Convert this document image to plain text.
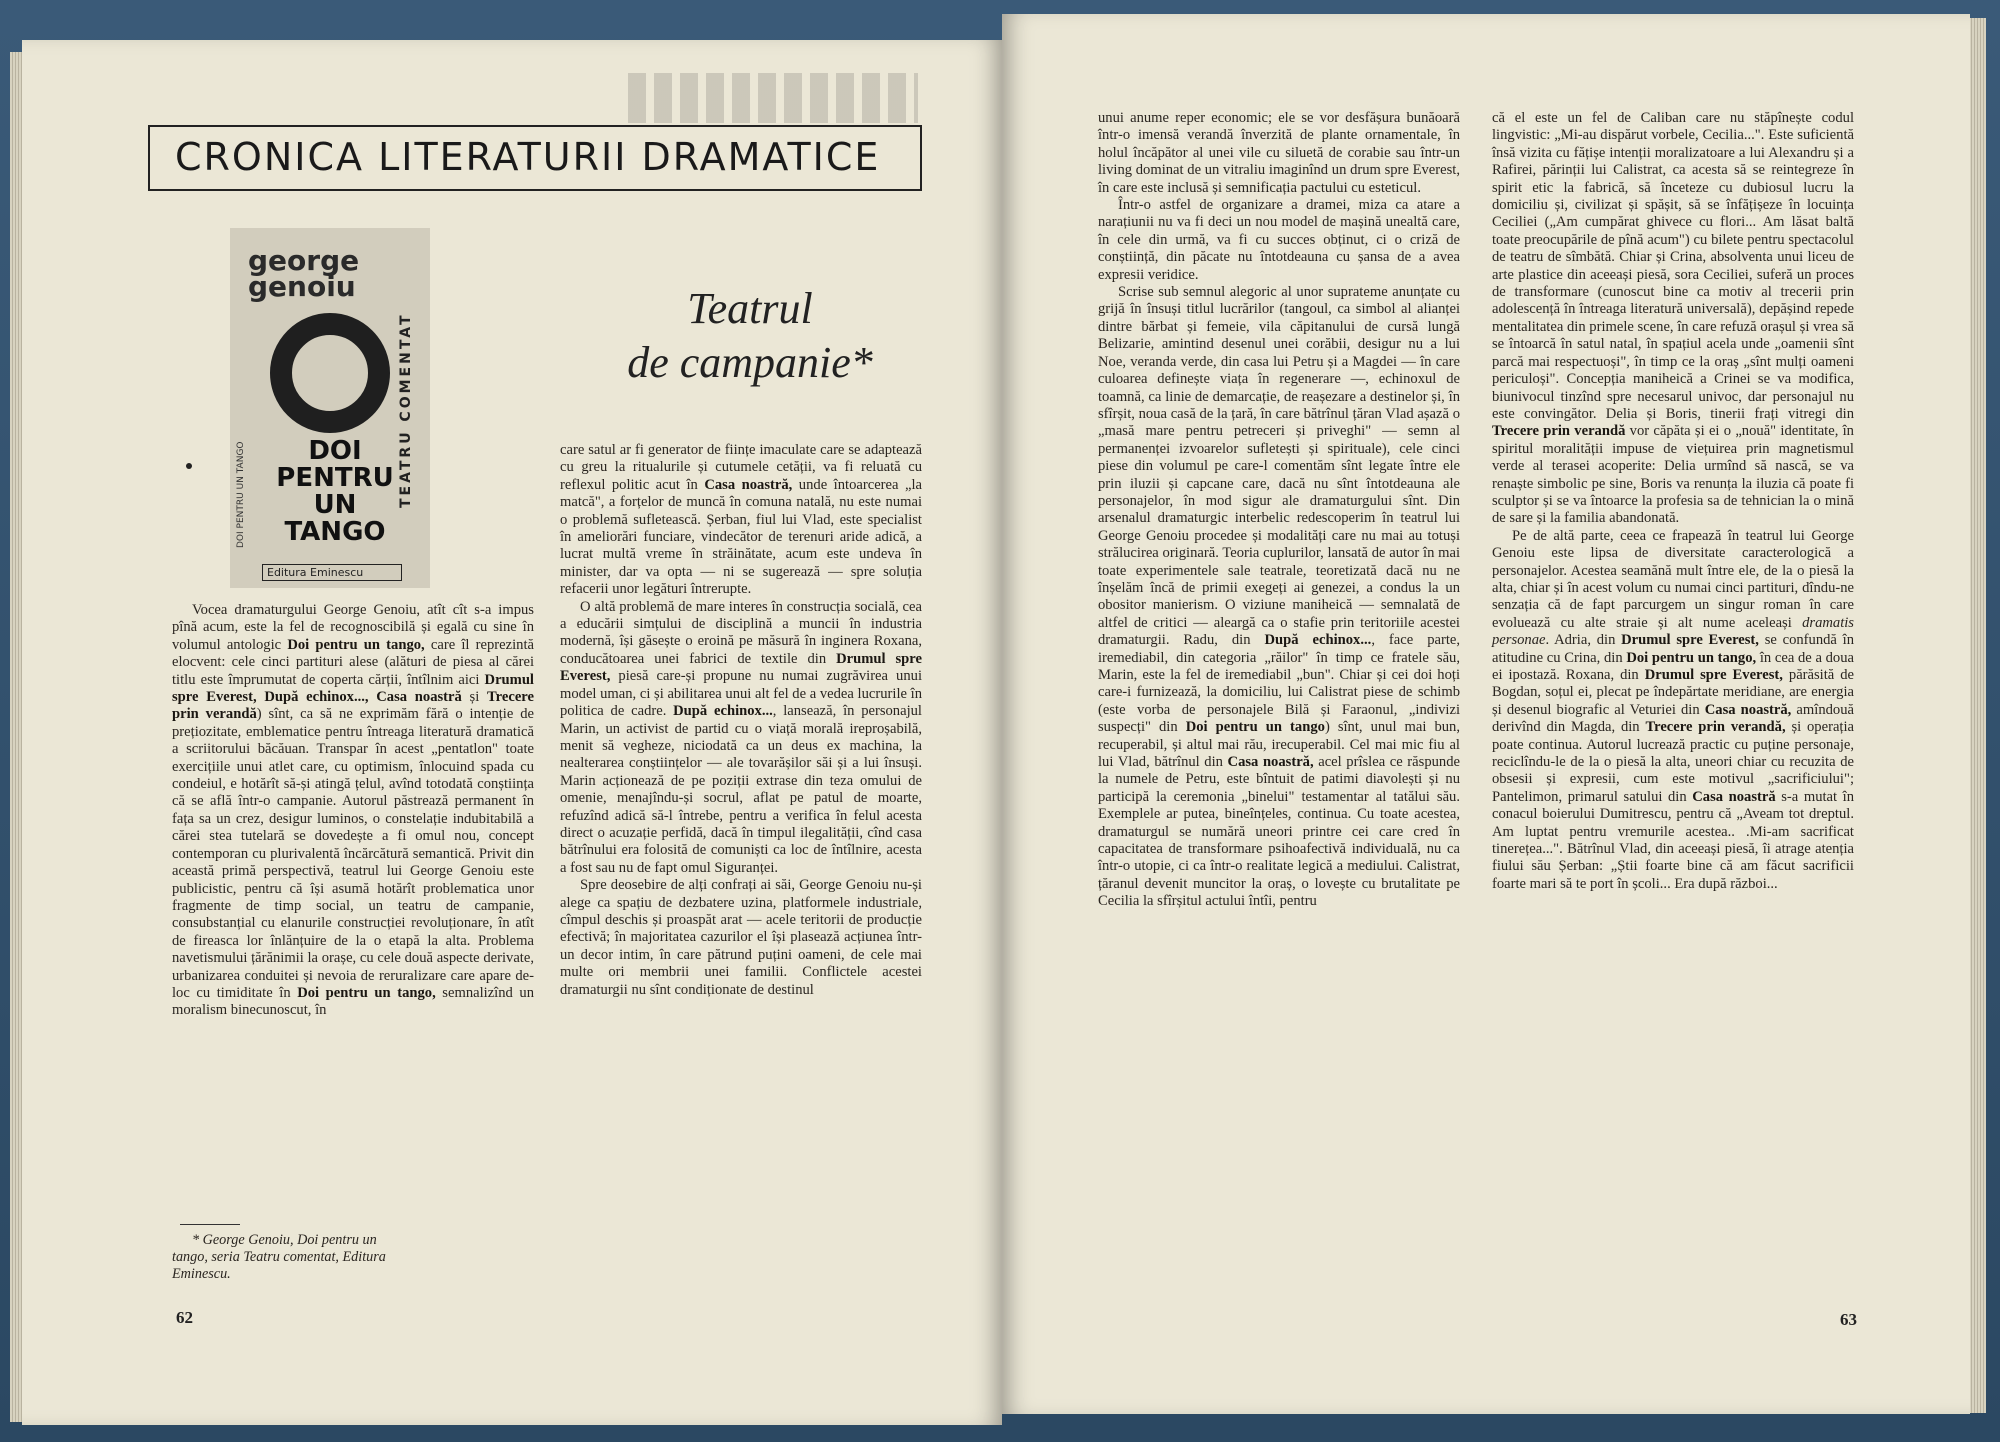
CRONICA LITERATURII DRAMATICE
DOI PENTRU UN TANGO
george genoiu
TEATRU COMENTAT
DOI
PENTRU
UN
TANGO
Editura Eminescu
Teatrul
de campanie*

Vocea dramaturgului George Genoiu, atît cît s-a impus pînă acum, este la fel de recognoscibilă și egală cu sine în volumul antologic Doi pentru un tango, care îl reprezintă elocvent: cele cinci partituri alese (alături de piesa al cărei titlu este împrumutat de coperta cărții, întîlnim aici Drumul spre Everest, După echinox..., Casa noastră și Trecere prin verandă) sînt, ca să ne exprimăm fără o intenție de prețiozitate, emblematice pentru întreaga literatură dramatică a scriitorului băcăuan. Transpar în acest „pentatlon" toate exercițiile unui atlet care, cu optimism, înlocuind spada cu condeiul, e hotărît să-și atingă țelul, avînd totodată conștiința că se află într-o campanie. Autorul păstrează permanent în fața sa un crez, desigur luminos, o constelație indubitabilă a cărei stea tutelară se dovedește a fi omul nou, concept contemporan cu plurivalentă încărcătură semantică. Privit din această primă perspectivă, teatrul lui George Genoiu este publicistic, pentru că își asumă hotărît problematica unor fragmente de timp social, un teatru de campanie, consubstanțial cu elanurile construcției revoluționare, în atît de fireasca lor înlănțuire de la o etapă la alta. Problema navetismului țărănimii la orașe, cu cele două aspecte derivate, urbanizarea conduitei și nevoia de reruralizare care apare de-loc cu timiditate în Doi pentru un tango, semnalizînd un moralism binecunoscut, în

* George Genoiu, Doi pentru un

tango, seria Teatru comentat, Editura

Eminescu.

care satul ar fi generator de ființe imaculate care se adaptează cu greu la ritualurile și cutumele cetății, va fi reluată cu reflexul politic acut în Casa noastră, unde întoarcerea „la matcă", a forțelor de muncă în comuna natală, nu este numai o problemă sufletească. Șerban, fiul lui Vlad, este specialist în ameliorări funciare, vindecător de terenuri aride adică, a lucrat multă vreme în străinătate, acum este undeva în minister, dar va opta — ni se sugerează — spre soluția refacerii unor legături întrerupte.

O altă problemă de mare interes în construcția socială, cea a educării simțului de disciplină a muncii în industria modernă, își găsește o eroină pe măsură în inginera Roxana, conducătoarea unei fabrici de textile din Drumul spre Everest, piesă care-și propune nu numai zugrăvirea unui model uman, ci și abilitarea unui alt fel de a vedea lucrurile în politica de cadre. După echinox..., lansează, în personajul Marin, un activist de partid cu o viață morală ireproșabilă, menit să vegheze, niciodată ca un deus ex machina, la nealterarea conștiințelor — ale tovarășilor săi și a lui însuși. Marin acționează de pe poziții extrase din teza omului de omenie, menajîndu-și socrul, aflat pe patul de moarte, refuzînd adică să-l întrebe, pentru a verifica în felul acesta direct o acuzație perfidă, dacă în timpul ilegalității, cînd casa bătrînului era folosită de comuniști ca loc de întîlnire, acesta a fost sau nu de fapt omul Siguranței.

Spre deosebire de alți confrați ai săi, George Genoiu nu-și alege ca spațiu de dezbatere uzina, platformele industriale, cîmpul deschis și proaspăt arat — acele teritorii de producție efectivă; în majoritatea cazurilor el își plasează acțiunea într-un decor intim, în care pătrund puțini oameni, de cele mai multe ori membrii unei familii. Conflictele acestei dramaturgii nu sînt condiționate de destinul

62

unui anume reper economic; ele se vor desfășura bunăoară într-o imensă verandă înverzită de plante ornamentale, în holul încăpător al unei vile cu siluetă de corabie sau într-un living dominat de un vitraliu imaginînd un drum spre Everest, în care este inclusă și semnificația pactului cu esteticul.

Într-o astfel de organizare a dramei, miza ca atare a narațiunii nu va fi deci un nou model de mașină unealtă care, în cele din urmă, va fi cu succes obținut, ci o criză de conștiință, din păcate nu întotdeauna cu șansa de a avea expresii veridice.

Scrise sub semnul alegoric al unor suprateme anunțate cu grijă în însuși titlul lucrărilor (tangoul, ca simbol al alianței dintre bărbat și femeie, vila căpitanului de cursă lungă Belizarie, amintind desenul unei corăbii, desigur nu a lui Noe, veranda verde, din casa lui Petru și a Magdei — în care culoarea definește viața în regenerare —, echinoxul de toamnă, ca linie de demarcație, de reașezare a destinelor și, în sfîrșit, noua casă de la țară, în care bătrînul țăran Vlad așază o „masă mare pentru petreceri și priveghi" — semn al permanenței izvoarelor sufletești și spirituale), cele cinci piese din volumul pe care-l comentăm sînt legate între ele prin iluzii și capcane care, dacă nu sînt întotdeauna ale personajelor, în mod sigur ale dramaturgului sînt. Din arsenalul dramaturgic interbelic redescoperim în teatrul lui George Genoiu procedee și modalități care nu mai au totuși strălucirea originară. Teoria cuplurilor, lansată de autor în mai toate experimentele sale teatrale, teoretizată dacă nu ne înșelăm încă de primii exegeți ai genezei, a condus la un obositor manierism. O viziune maniheică — semnalată de altfel de critici — aleargă ca o stafie prin teritoriile acestei dramaturgii. Radu, din După echinox..., face parte, iremediabil, din categoria „răilor" în timp ce fratele său, Marin, este la fel de iremediabil „bun". Chiar și cei doi hoți care-i furnizează, la domiciliu, lui Calistrat piese de schimb (este vorba de personajele Bilă și Faraonul, „indivizi suspecți" din Doi pentru un tango) sînt, unul mai bun, recuperabil, și altul mai rău, irecuperabil. Cel mai mic fiu al lui Vlad, bătrînul din Casa noastră, acel prîslea ce răspunde la numele de Petru, este bîntuit de patimi diavolești și nu participă la ceremonia „binelui" testamentar al tatălui său. Exemplele ar putea, bineînțeles, continua. Cu toate acestea, dramaturgul se numără uneori printre cei care cred în capacitatea de transformare psihoafectivă individuală, nu ca într-o utopie, ci ca într-o realitate legică a mediului. Calistrat, țăranul devenit muncitor la oraș, o lovește cu brutalitate pe Cecilia la sfîrșitul actului întîi, pentru

că el este un fel de Caliban care nu stăpînește codul lingvistic: „Mi-au dispărut vorbele, Cecilia...". Este suficientă însă vizita cu fățișe intenții moralizatoare a lui Alexandru și a Rafirei, părinții lui Calistrat, ca acesta să se reintegreze în spirit etic la fabrică, să înceteze cu dubiosul lucru la domiciliu și, civilizat și spășit, să se înfățișeze în locuința Ceciliei („Am cumpărat ghivece cu flori... Am lăsat baltă toate preocupările de pînă acum") cu bilete pentru spectacolul de teatru de sîmbătă. Chiar și Crina, absolventa unui liceu de arte plastice din aceeași piesă, sora Ceciliei, suferă un proces de transformare (cunoscut bine ca motiv al trecerii prin adolescență în întreaga literatură universală), depășind repede mentalitatea din primele scene, în care refuză orașul și vrea să se întoarcă în satul natal, în spațiul acela unde „oamenii sînt parcă mai respectuoși", în timp ce la oraș „sînt mulți oameni periculoși". Concepția maniheică a Crinei se va modifica, biunivocul tinzînd spre necesarul univoc, dar personajul nu este convingător. Delia și Boris, tinerii frați vitregi din Trecere prin verandă vor căpăta și ei o „nouă" identitate, în spiritul moralității impuse de viețuirea prin magnetismul verde al terasei acoperite: Delia urmînd să nască, se va renaște simbolic pe sine, Boris va renunța la iluzia că poate fi sculptor și se va întoarce la profesia sa de tehnician la o mină de sare și la familia abandonată.

Pe de altă parte, ceea ce frapează în teatrul lui George Genoiu este lipsa de diversitate caracterologică a personajelor. Acestea seamănă mult între ele, de la o piesă la alta, chiar și în acest volum cu numai cinci partituri, dîndu-ne senzația că de fapt parcurgem un singur roman în care evoluează cu alte straie și alt nume aceleași dramatis personae. Adria, din Drumul spre Everest, se confundă în atitudine cu Crina, din Doi pentru un tango, în cea de a doua ei ipostază. Roxana, din Drumul spre Everest, părăsită de Bogdan, soțul ei, plecat pe îndepărtate meridiane, are energia și desenul biografic al Veturiei din Casa noastră, amîndouă derivînd din Magda, din Trecere prin verandă, și operația poate continua. Autorul lucrează practic cu puține personaje, reciclîndu-le de la o piesă la alta, uneori chiar cu recuzita de obsesii și expresii, cum este motivul „sacrificiului"; Pantelimon, primarul satului din Casa noastră s-a mutat în conacul boierului Dumitrescu, pentru că „Aveam tot dreptul. Am luptat pentru vremurile acestea.. .Mi-am sacrificat tinerețea...". Bătrînul Vlad, din aceeași piesă, îi atrage atenția fiului său Șerban: „Știi foarte bine că am făcut sacrificii foarte mari să te port în școli... Era după război...

63
